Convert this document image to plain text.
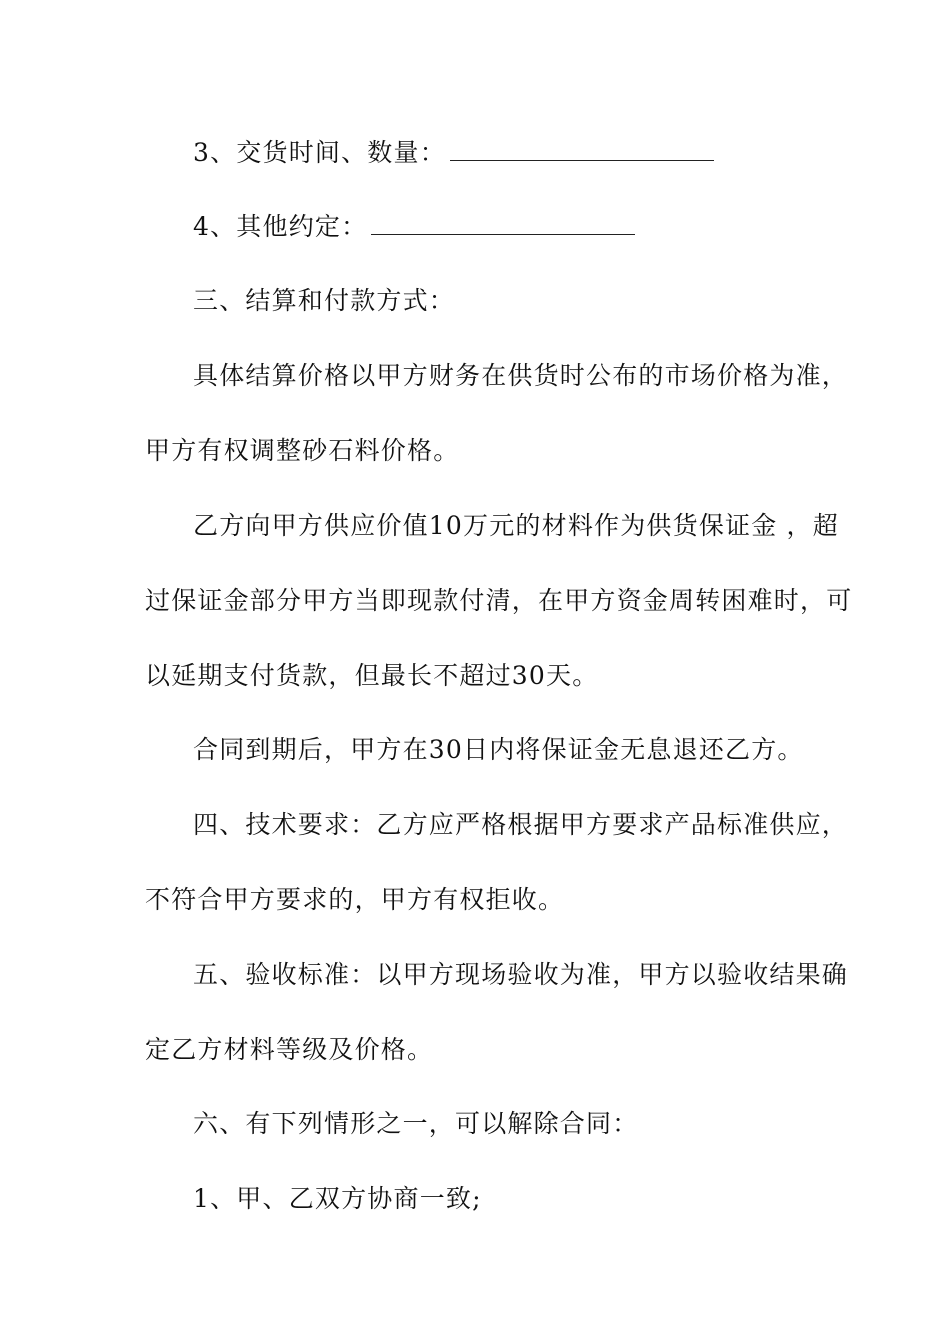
3、交货时间、数量：
4、其他约定：
三、结算和付款方式：
具体结算价格以甲方财务在供货时公布的市场价格为准，
甲方有权调整砂石料价格。
乙方向甲方供应价值10万元的材料作为供货保证金 ，超
过保证金部分甲方当即现款付清，在甲方资金周转困难时，可
以延期支付货款，但最长不超过30天。
合同到期后，甲方在30日内将保证金无息退还乙方。
四、技术要求：乙方应严格根据甲方要求产品标准供应，
不符合甲方要求的，甲方有权拒收。
五、验收标准：以甲方现场验收为准，甲方以验收结果确
定乙方材料等级及价格。
六、有下列情形之一，可以解除合同：
1、甲、乙双方协商一致;
